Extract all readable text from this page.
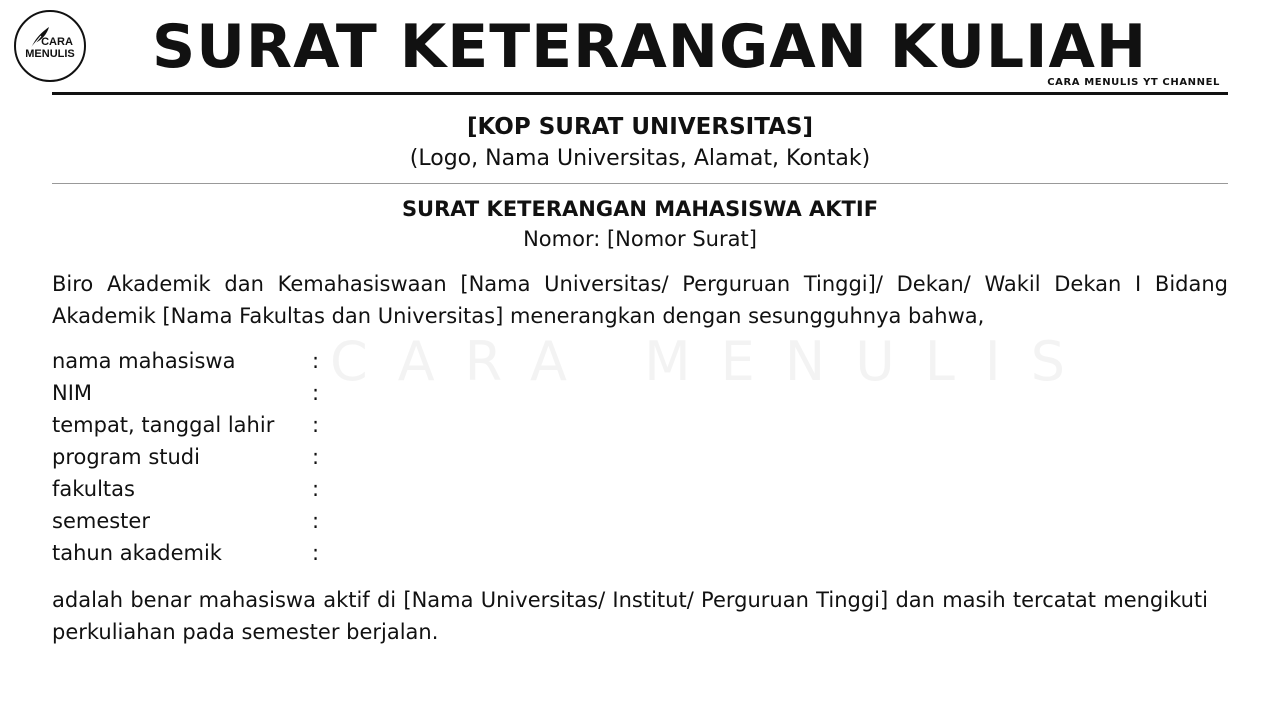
CARA
MENULIS SURAT KETERANGAN KULIAH
CARA MENULIS YT CHANNEL
[KOP SURAT UNIVERSITAS]
(Logo, Nama Universitas, Alamat, Kontak)
SURAT KETERANGAN MAHASISWA AKTIF
Nomor: [Nomor Surat]

Biro Akademik dan Kemahasiswaan [Nama Universitas/ Perguruan Tinggi]/ Dekan/ Wakil Dekan I Bidang Akademik [Nama Fakultas dan Universitas] menerangkan dengan sesungguhnya bahwa,

CARA MENULIS
nama mahasiswa	:
NIM	:
tempat, tanggal lahir	:
program studi	:
fakultas	:
semester	:
tahun akademik	:

adalah benar mahasiswa aktif di [Nama Universitas/ Institut/ Perguruan Tinggi] dan masih tercatat mengikuti perkuliahan pada semester berjalan.
